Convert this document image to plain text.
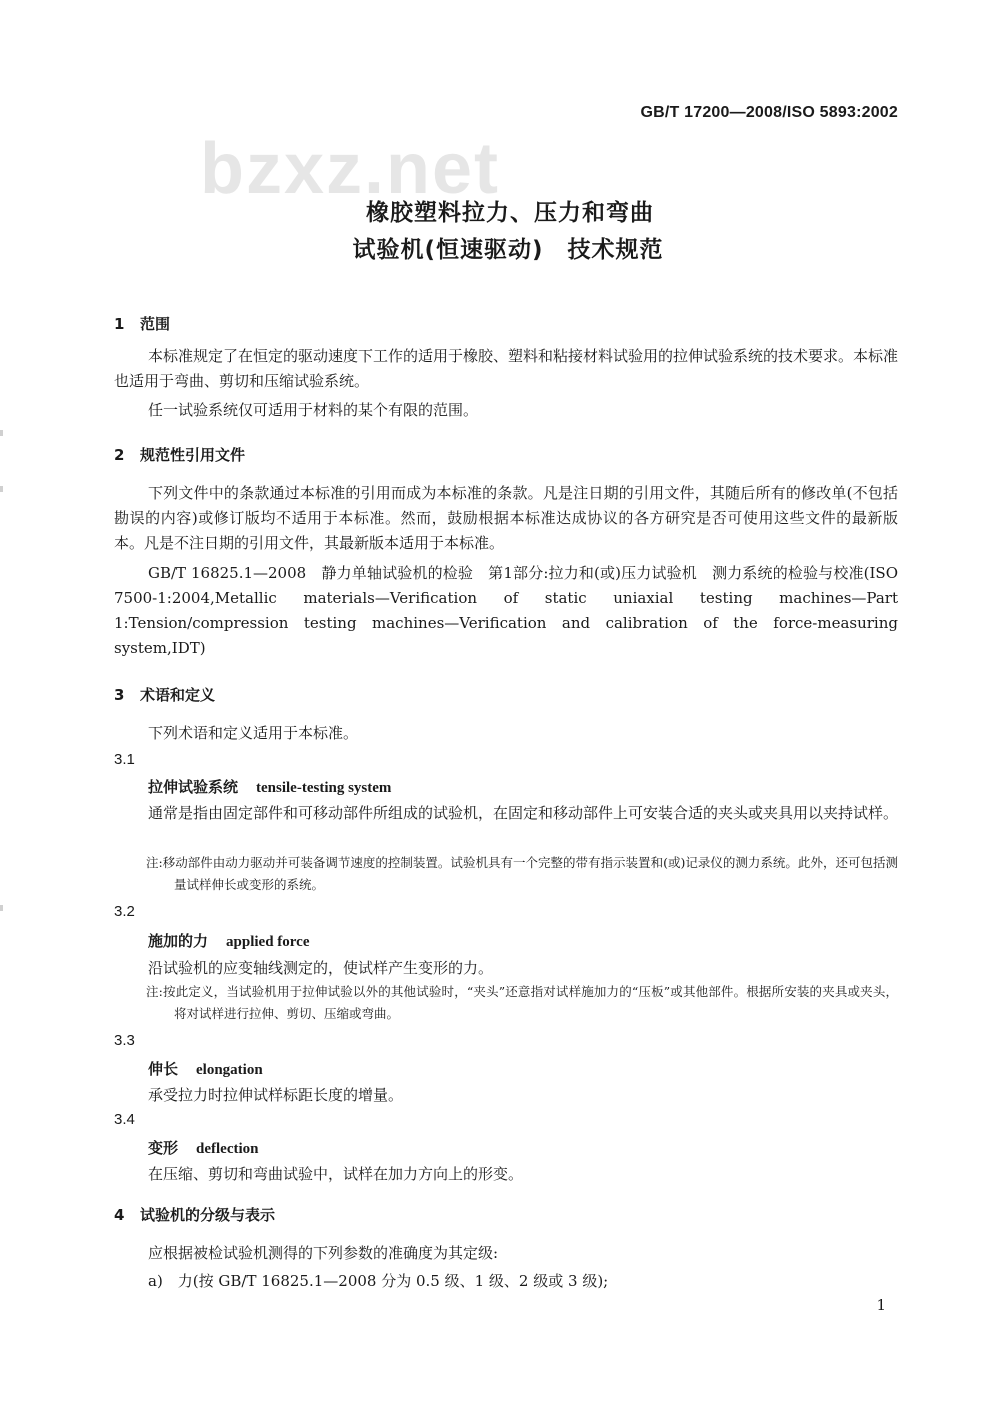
bzxz.net
GB/T 17200—2008/ISO 5893:2002
橡胶塑料拉力、压力和弯曲
试验机(恒速驱动)　技术规范
1 范围
本标准规定了在恒定的驱动速度下工作的适用于橡胶、塑料和粘接材料试验用的拉伸试验系统的技术要求。本标准也适用于弯曲、剪切和压缩试验系统。
任一试验系统仅可适用于材料的某个有限的范围。
2 规范性引用文件
下列文件中的条款通过本标准的引用而成为本标准的条款。凡是注日期的引用文件，其随后所有的修改单(不包括勘误的内容)或修订版均不适用于本标准。然而，鼓励根据本标准达成协议的各方研究是否可使用这些文件的最新版本。凡是不注日期的引用文件，其最新版本适用于本标准。
GB/T 16825.1—2008　静力单轴试验机的检验　第1部分:拉力和(或)压力试验机　测力系统的检验与校准(ISO 7500-1:2004,Metallic materials—Verification of static uniaxial testing machines—Part 1:Tension/compression testing machines—Verification and calibration of the force-measuring system,IDT)
3 术语和定义
下列术语和定义适用于本标准。
3.1
拉伸试验系统 tensile-testing system
通常是指由固定部件和可移动部件所组成的试验机，在固定和移动部件上可安装合适的夹头或夹具用以夹持试样。
注:移动部件由动力驱动并可装备调节速度的控制装置。试验机具有一个完整的带有指示装置和(或)记录仪的测力系统。此外，还可包括测量试样伸长或变形的系统。
3.2
施加的力 applied force
沿试验机的应变轴线测定的，使试样产生变形的力。
注:按此定义，当试验机用于拉伸试验以外的其他试验时，“夹头”还意指对试样施加力的“压板”或其他部件。根据所安装的夹具或夹头，将对试样进行拉伸、剪切、压缩或弯曲。
3.3
伸长 elongation
承受拉力时拉伸试样标距长度的增量。
3.4
变形 deflection
在压缩、剪切和弯曲试验中，试样在加力方向上的形变。
4 试验机的分级与表示
应根据被检试验机测得的下列参数的准确度为其定级:
a)　力(按 GB/T 16825.1—2008 分为 0.5 级、1 级、2 级或 3 级);
1
